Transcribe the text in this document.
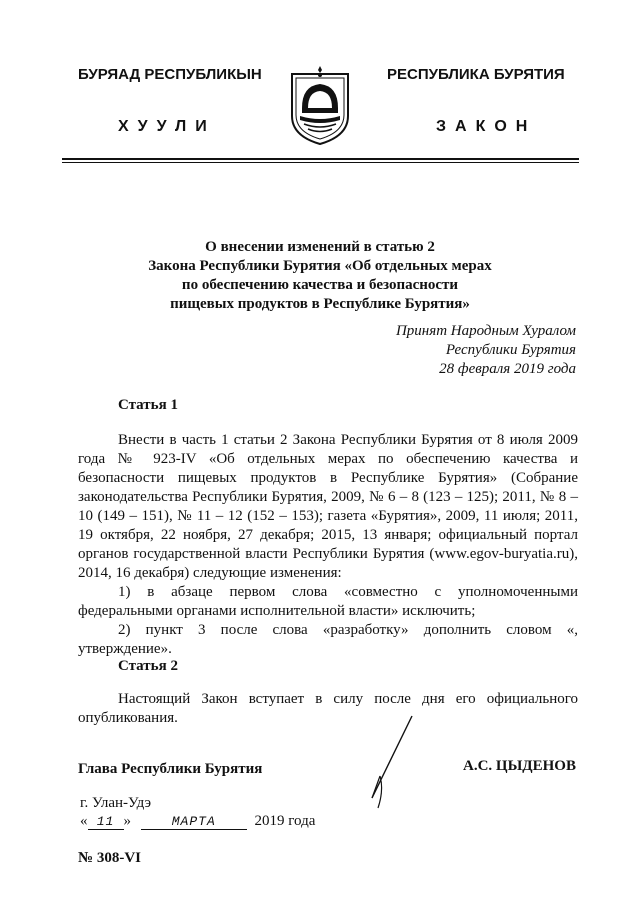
БУРЯАД РЕСПУБЛИКЫН	РЕСПУБЛИКА БУРЯТИЯ
ХУУЛИ	ЗАКОН
О внесении изменений в статью 2
Закона Республики Бурятия «Об отдельных мерах
по обеспечению качества и безопасности
пищевых продуктов в Республике Бурятия»
Принят Народным Хуралом
Республики Бурятия
28 февраля 2019 года
Статья 1

Внести в часть 1 статьи 2 Закона Республики Бурятия от 8 июля 2009 года № 923-IV «Об отдельных мерах по обеспечению качества и безопасности пищевых продуктов в Республике Бурятия» (Собрание законодательства Республики Бурятия, 2009, № 6 – 8 (123 – 125); 2011, № 8 – 10 (149 – 151), № 11 – 12 (152 – 153); газета «Бурятия», 2009, 11 июля; 2011, 19 октября, 22 ноября, 27 декабря; 2015, 13 января; официальный портал органов государственной власти Республики Бурятия (www.egov-buryatia.ru), 2014, 16 декабря) следующие изменения:

1) в абзаце первом слова «совместно с уполномоченными федеральными органами исполнительной власти» исключить;

2) пункт 3 после слова «разработку» дополнить словом «, утверждение».

Статья 2

Настоящий Закон вступает в силу после дня его официального опубликования.

Глава Республики Бурятия	А.С. ЦЫДЕНОВ
г. Улан-Удэ
« 11 »	МАРТА	2019 года
№ 308-VI
